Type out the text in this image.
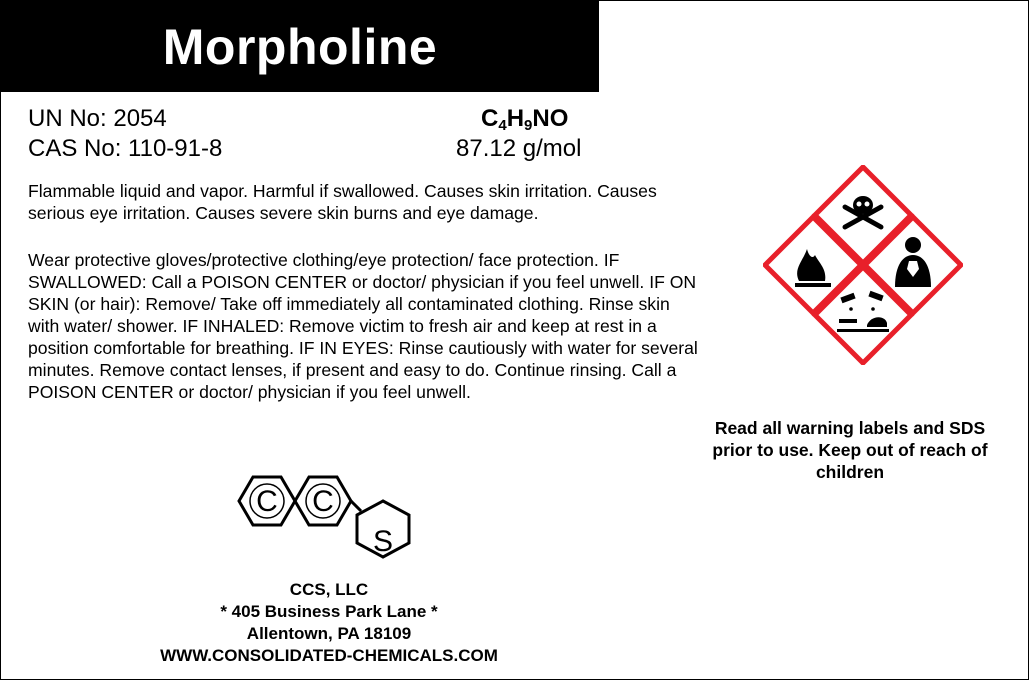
Morpholine
UN No: 2054
CAS No: 110-91-8
$C_4H_9NO$
87.12 g/mol
Flammable liquid and vapor. Harmful if swallowed. Causes skin irritation. Causes serious eye irritation. Causes severe skin burns and eye damage.
Wear protective gloves/protective clothing/eye protection/ face protection. IF SWALLOWED: Call a POISON CENTER or doctor/ physician if you feel unwell. IF ON SKIN (or hair): Remove/ Take off immediately all contaminated clothing. Rinse skin with water/ shower. IF INHALED: Remove victim to fresh air and keep at rest in a position comfortable for breathing. IF IN EYES: Rinse cautiously with water for several minutes. Remove contact lenses, if present and easy to do. Continue rinsing. Call a POISON CENTER or doctor/ physician if you feel unwell.
Read all warning labels and SDS prior to use. Keep out of reach of children
C C
S
CCS, LLC
* 405 Business Park Lane *
Allentown, PA 18109
WWW.CONSOLIDATED-CHEMICALS.COM
